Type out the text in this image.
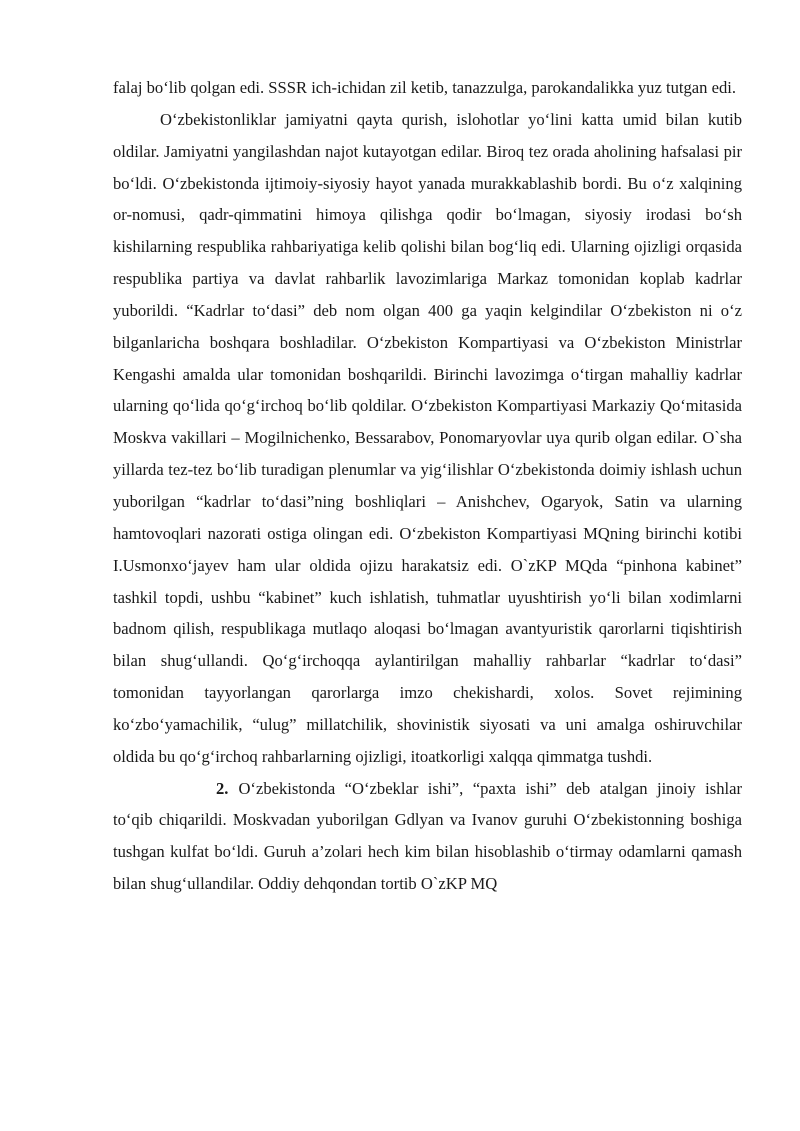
falaj bo‘lib qolgan edi. SSSR ich-ichidan zil ketib, tanazzulga, parokandalikka yuz tutgan edi.

O‘zbekistonliklar jamiyatni qayta qurish, islohotlar yo‘lini katta umid bilan kutib oldilar. Jamiyatni yangilashdan najot kutayotgan edilar. Biroq tez orada aholining hafsalasi pir bo‘ldi. O‘zbekistonda ijtimoiy-siyosiy hayot yanada murakkablashib bordi. Bu o‘z xalqining or-nomusi, qadr-qimmatini himoya qilishga qodir bo‘lmagan, siyosiy irodasi bo‘sh kishilarning respublika rahbariyatiga kelib qolishi bilan bog‘liq edi. Ularning ojizligi orqasida respublika partiya va davlat rahbarlik lavozimlariga Markaz tomonidan koplab kadrlar yuborildi. “Kadrlar to‘dasi” deb nom olgan 400 ga yaqin kelgindilar O‘zbekiston ni o‘z bilganlaricha boshqara boshladilar. O‘zbekiston Kompartiyasi va O‘zbekiston Ministrlar Kengashi amalda ular tomonidan boshqarildi. Birinchi lavozimga o‘tirgan mahalliy kadrlar ularning qo‘lida qo‘g‘irchoq bo‘lib qoldilar. O‘zbekiston Kompartiyasi Markaziy Qo‘mitasida Moskva vakillari – Mogilnichenko, Bessarabov, Ponomaryovlar uya qurib olgan edilar. O`sha yillarda tez-tez bo‘lib turadigan plenumlar va yig‘ilishlar O‘zbekistonda doimiy ishlash uchun yuborilgan “kadrlar to‘dasi”ning boshliqlari – Anishchev, Ogaryok, Satin va ularning hamtovoqlari nazorati ostiga olingan edi. O‘zbekiston Kompartiyasi MQning birinchi kotibi I.Usmonxo‘jayev ham ular oldida ojizu harakatsiz edi. O`zKP MQda “pinhona kabinet” tashkil topdi, ushbu “kabinet” kuch ishlatish, tuhmatlar uyushtirish yo‘li bilan xodimlarni badnom qilish, respublikaga mutlaqo aloqasi bo‘lmagan avantyuristik qarorlarni tiqishtirish bilan shug‘ullandi. Qo‘g‘irchoqqa aylantirilgan mahalliy rahbarlar “kadrlar to‘dasi” tomonidan tayyorlangan qarorlarga imzo chekishardi, xolos. Sovet rejimining ko‘zbo‘yamachilik, “ulug” millatchilik, shovinistik siyosati va uni amalga oshiruvchilar oldida bu qo‘g‘irchoq rahbarlarning ojizligi, itoatkorligi xalqqa qimmatga tushdi.

2. O‘zbekistonda “O‘zbeklar ishi”, “paxta ishi” deb atalgan jinoiy ishlar to‘qib chiqarildi. Moskvadan yuborilgan Gdlyan va Ivanov guruhi O‘zbekistonning boshiga tushgan kulfat bo‘ldi. Guruh a’zolari hech kim bilan hisoblashib o‘tirmay odamlarni qamash bilan shug‘ullandilar. Oddiy dehqondan tortib O`zKP MQ
